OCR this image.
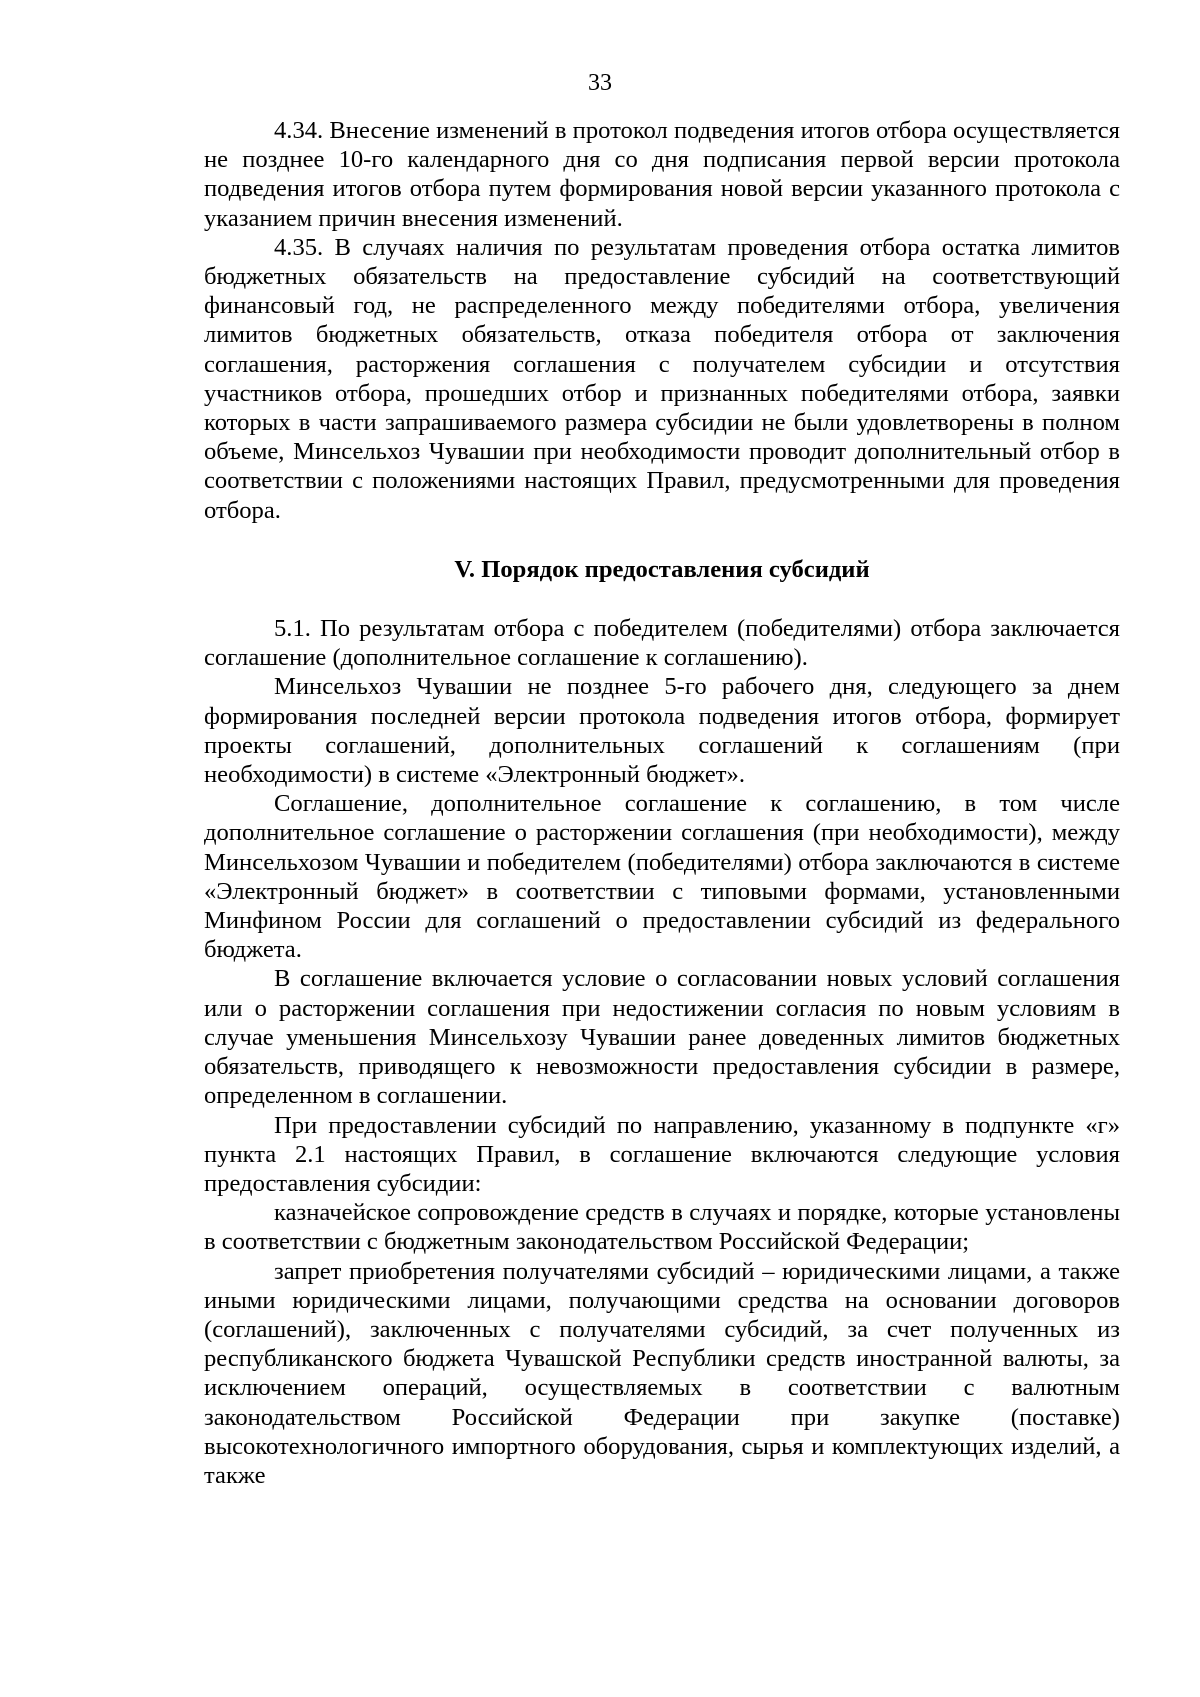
33

4.34. Внесение изменений в протокол подведения итогов отбора осуществляется не позднее 10-го календарного дня со дня подписания первой версии протокола подведения итогов отбора путем формирования новой версии указанного протокола с указанием причин внесения изменений.

4.35. В случаях наличия по результатам проведения отбора остатка лимитов бюджетных обязательств на предоставление субсидий на соответствующий финансовый год, не распределенного между победителями отбора, увеличения лимитов бюджетных обязательств, отказа победителя отбора от заключения соглашения, расторжения соглашения с получателем субсидии и отсутствия участников отбора, прошедших отбор и признанных победителями отбора, заявки которых в части запрашиваемого размера субсидии не были удовлетворены в полном объеме, Минсельхоз Чувашии при необходимости проводит дополнительный отбор в соответствии с положениями настоящих Правил, предусмотренными для проведения отбора.

V. Порядок предоставления субсидий

5.1. По результатам отбора с победителем (победителями) отбора заключается соглашение (дополнительное соглашение к соглашению).

Минсельхоз Чувашии не позднее 5-го рабочего дня, следующего за днем формирования последней версии протокола подведения итогов отбора, формирует проекты соглашений, дополнительных соглашений к соглашениям (при необходимости) в системе «Электронный бюджет».

Соглашение, дополнительное соглашение к соглашению, в том числе дополнительное соглашение о расторжении соглашения (при необходимости), между Минсельхозом Чувашии и победителем (победителями) отбора заключаются в системе «Электронный бюджет» в соответствии с типовыми формами, установленными Минфином России для соглашений о предоставлении субсидий из федерального бюджета.

В соглашение включается условие о согласовании новых условий соглашения или о расторжении соглашения при недостижении согласия по новым условиям в случае уменьшения Минсельхозу Чувашии ранее доведенных лимитов бюджетных обязательств, приводящего к невозможности предоставления субсидии в размере, определенном в соглашении.

При предоставлении субсидий по направлению, указанному в подпункте «г» пункта 2.1 настоящих Правил, в соглашение включаются следующие условия предоставления субсидии:

казначейское сопровождение средств в случаях и порядке, которые установлены в соответствии с бюджетным законодательством Российской Федерации;

запрет приобретения получателями субсидий – юридическими лицами, а также иными юридическими лицами, получающими средства на основании договоров (соглашений), заключенных с получателями субсидий, за счет полученных из республиканского бюджета Чувашской Республики средств иностранной валюты, за исключением операций, осуществляемых в соответствии с валютным законодательством Российской Федерации при закупке (поставке) высокотехнологичного импортного оборудования, сырья и комплектующих изделий, а также
